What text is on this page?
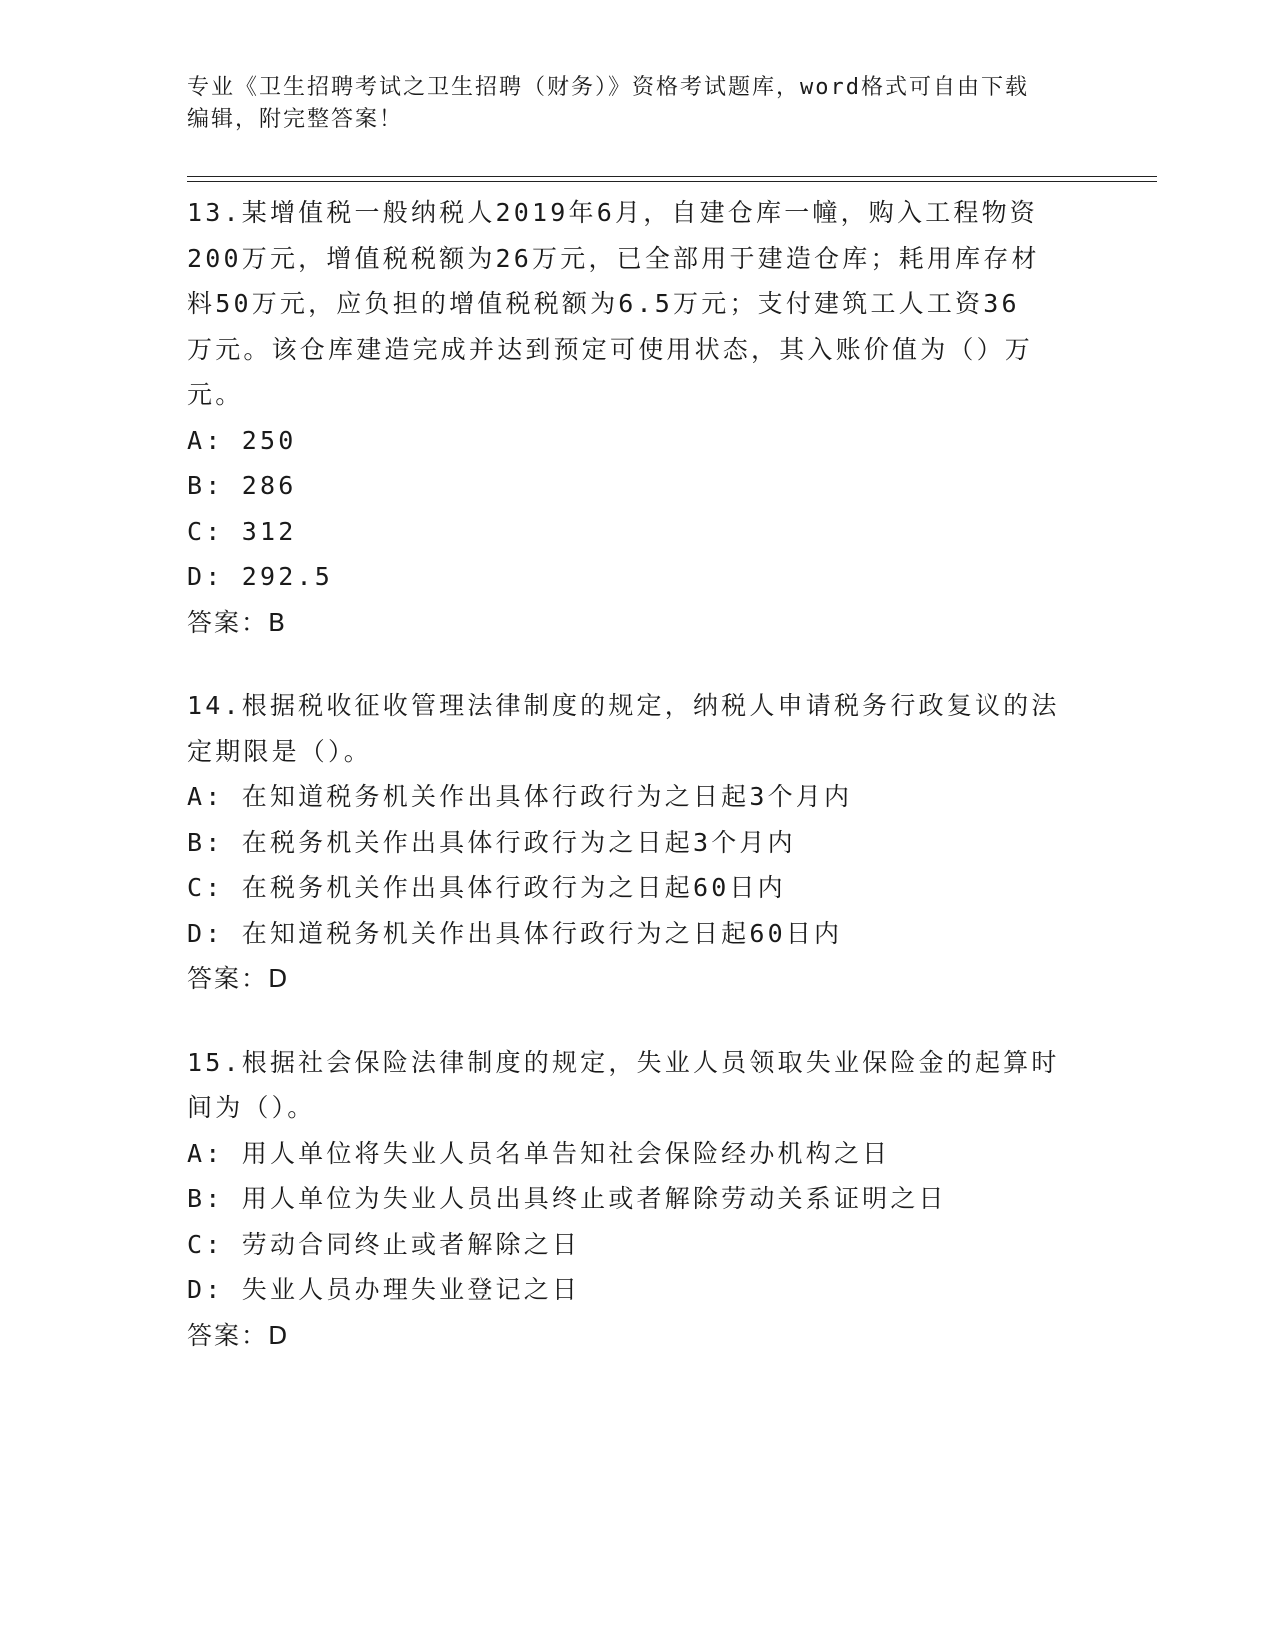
专业《卫生招聘考试之卫生招聘（财务）》资格考试题库，word格式可自由下载
编辑，附完整答案！

13.某增值税一般纳税人2019年6月，自建仓库一幢，购入工程物资

200万元，增值税税额为26万元，已全部用于建造仓库；耗用库存材

料50万元，应负担的增值税税额为6.5万元；支付建筑工人工资36

万元。该仓库建造完成并达到预定可使用状态，其入账价值为（）万

元。

A: 250

B: 286

C: 312

D: 292.5

答案：B

14.根据税收征收管理法律制度的规定，纳税人申请税务行政复议的法

定期限是（）。

A: 在知道税务机关作出具体行政行为之日起3个月内

B: 在税务机关作出具体行政行为之日起3个月内

C: 在税务机关作出具体行政行为之日起60日内

D: 在知道税务机关作出具体行政行为之日起60日内

答案：D

15.根据社会保险法律制度的规定，失业人员领取失业保险金的起算时

间为（）。

A: 用人单位将失业人员名单告知社会保险经办机构之日

B: 用人单位为失业人员出具终止或者解除劳动关系证明之日

C: 劳动合同终止或者解除之日

D: 失业人员办理失业登记之日

答案：D
